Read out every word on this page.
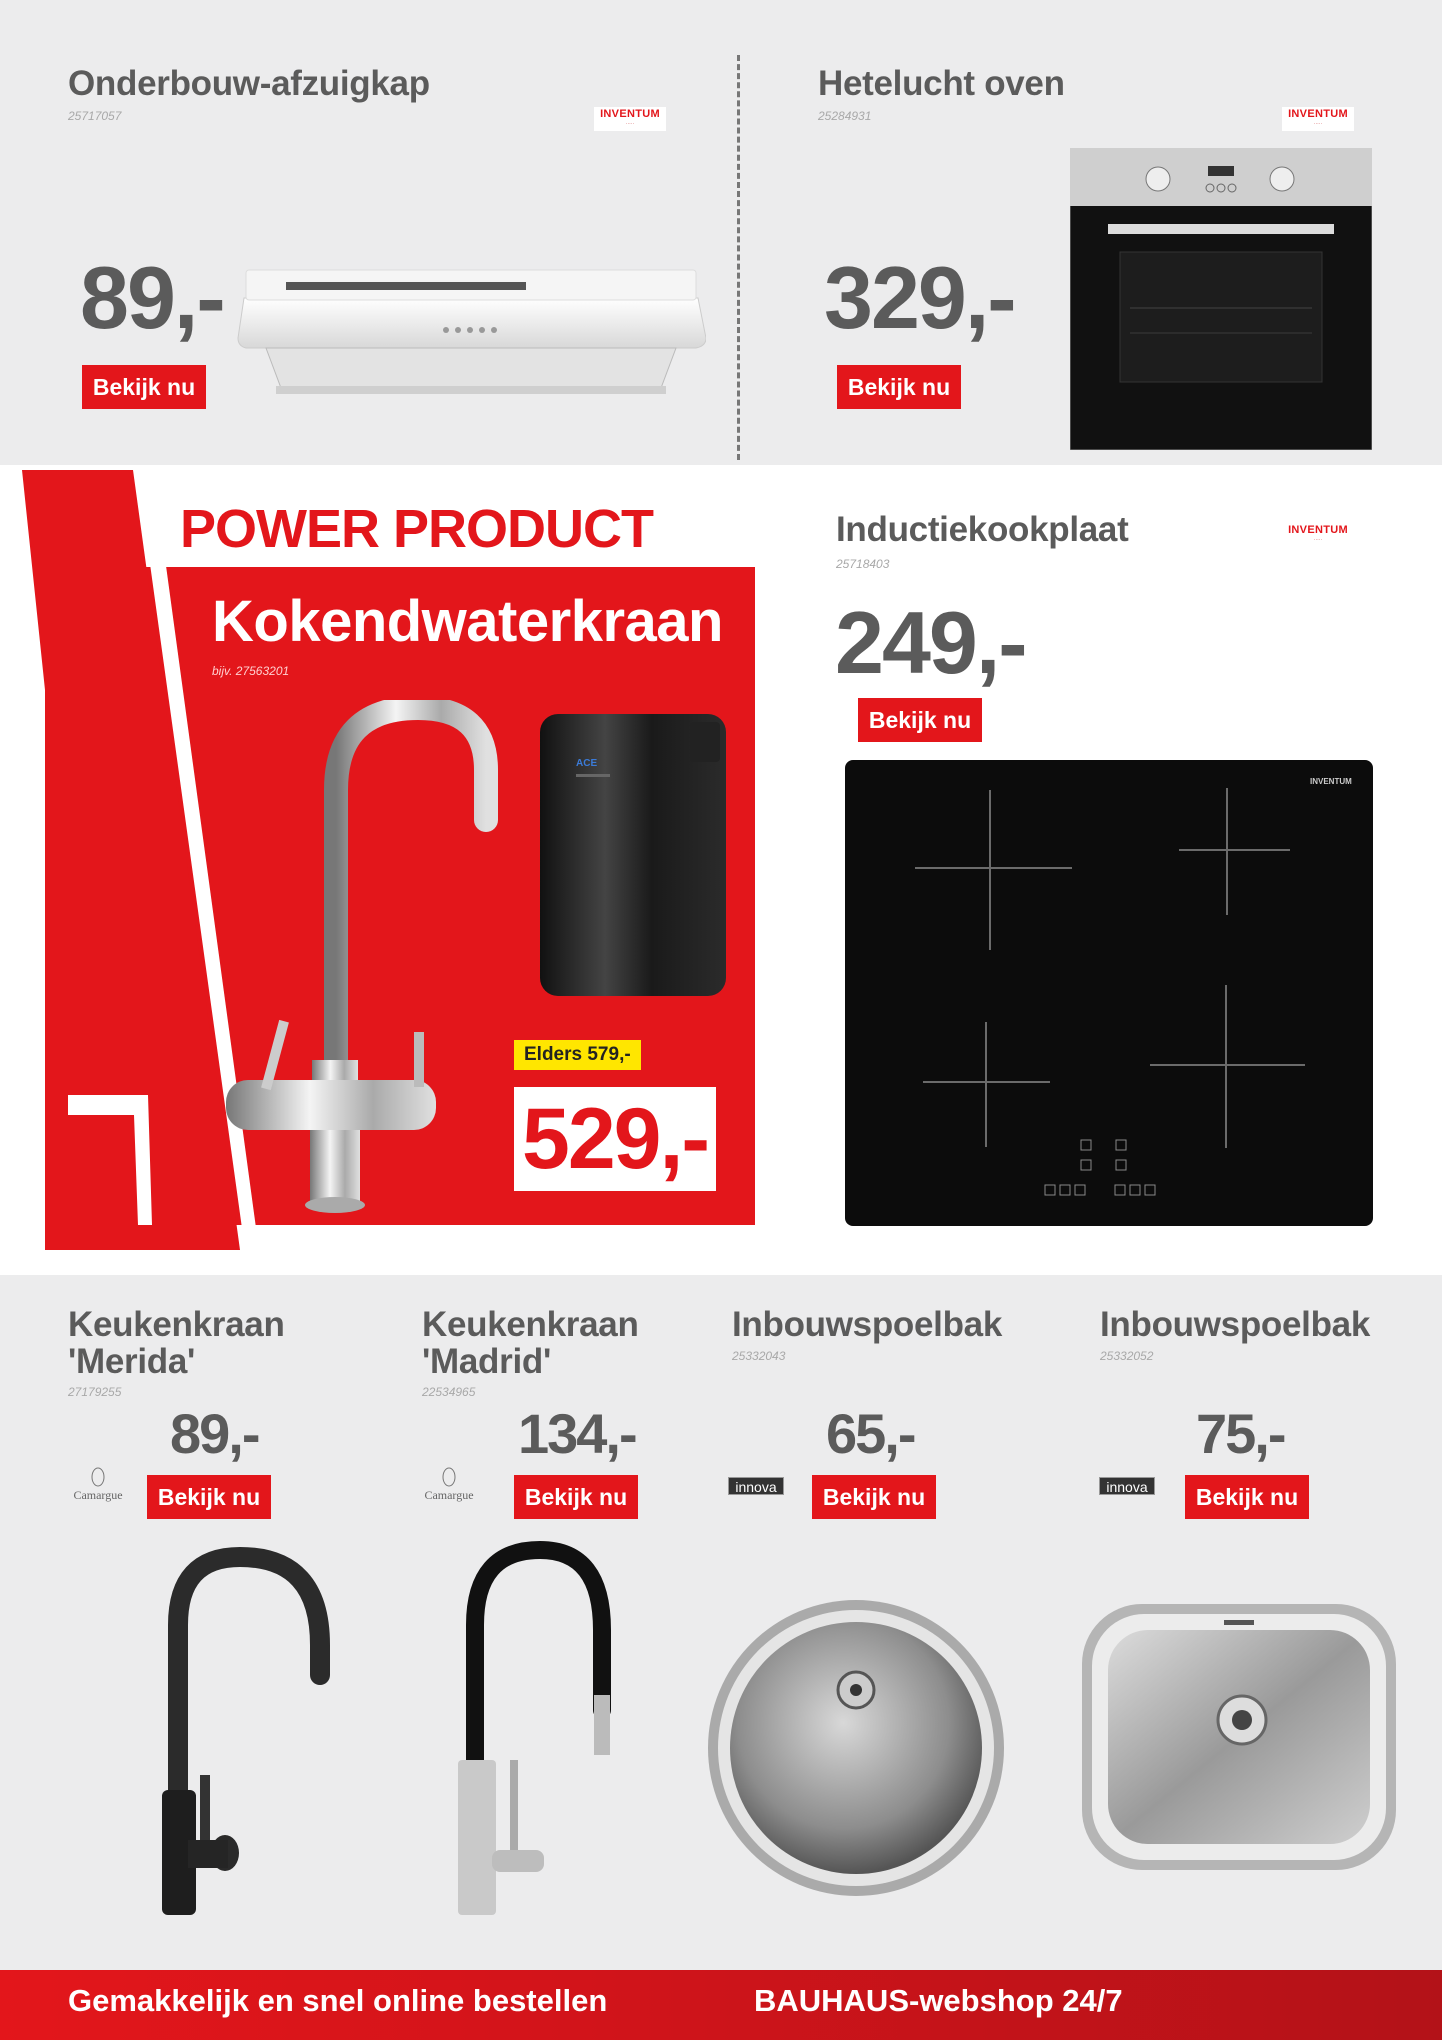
Onderbouw-afzuigkap
25717057	INVENTUM
·····
89,-
Bekijk nu
Hetelucht oven
25284931	INVENTUM
·····
329,-
Bekijk nu
POWER PRODUCT
Kokendwaterkraan
bijv. 27563201
ACE
Elders 579,-
529,-
Inductiekookplaat
25718403
INVENTUM
·····
249,-
Bekijk nu
INVENTUM
Keukenkraan 'Merida'
27179255
89,-
Camargue	Bekijk nu
Keukenkraan 'Madrid'
22534965
134,-
Camargue	Bekijk nu
Inbouwspoelbak
25332043
65,-
innova	Bekijk nu
Inbouwspoelbak
25332052
75,-
innova	Bekijk nu
Gemakkelijk en snel online bestellen	BAUHAUS-webshop 24/7
